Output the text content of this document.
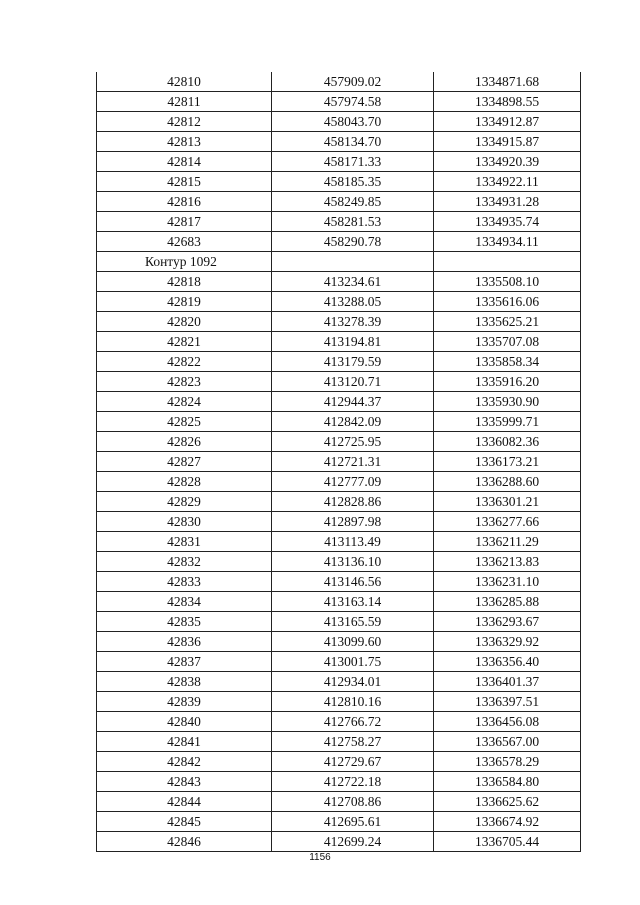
42810	457909.02	1334871.68
42811	457974.58	1334898.55
42812	458043.70	1334912.87
42813	458134.70	1334915.87
42814	458171.33	1334920.39
42815	458185.35	1334922.11
42816	458249.85	1334931.28
42817	458281.53	1334935.74
42683	458290.78	1334934.11
Контур 1092		
42818	413234.61	1335508.10
42819	413288.05	1335616.06
42820	413278.39	1335625.21
42821	413194.81	1335707.08
42822	413179.59	1335858.34
42823	413120.71	1335916.20
42824	412944.37	1335930.90
42825	412842.09	1335999.71
42826	412725.95	1336082.36
42827	412721.31	1336173.21
42828	412777.09	1336288.60
42829	412828.86	1336301.21
42830	412897.98	1336277.66
42831	413113.49	1336211.29
42832	413136.10	1336213.83
42833	413146.56	1336231.10
42834	413163.14	1336285.88
42835	413165.59	1336293.67
42836	413099.60	1336329.92
42837	413001.75	1336356.40
42838	412934.01	1336401.37
42839	412810.16	1336397.51
42840	412766.72	1336456.08
42841	412758.27	1336567.00
42842	412729.67	1336578.29
42843	412722.18	1336584.80
42844	412708.86	1336625.62
42845	412695.61	1336674.92
42846	412699.24	1336705.44
1156
